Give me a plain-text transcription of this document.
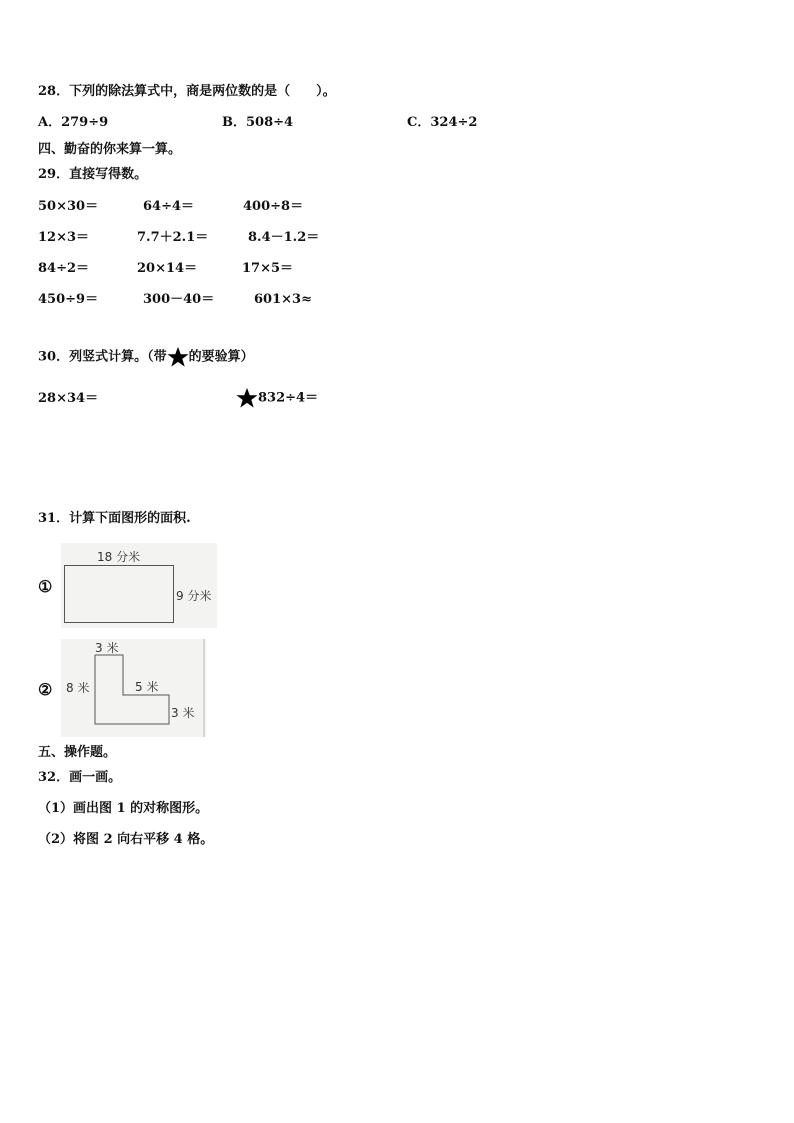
28．下列的除法算式中，商是两位数的是（　　）。
A．279÷9	B．508÷4	C．324÷2
四、勤奋的你来算一算。
29．直接写得数。
50×30＝	64÷4＝	400÷8＝
12×3＝	7.7＋2.1＝	8.4－1.2＝
84÷2＝	20×14＝	17×5＝
450÷9＝	300－40＝	601×3≈
30．列竖式计算。（带 的要验算）
28×34＝	832÷4＝
31．计算下面图形的面积.
①
18 分米
9 分米
②
3 米
8 米	5 米
3 米
五、操作题。
32．画一画。
（1）画出图 1 的对称图形。
（2）将图 2 向右平移 4 格。
